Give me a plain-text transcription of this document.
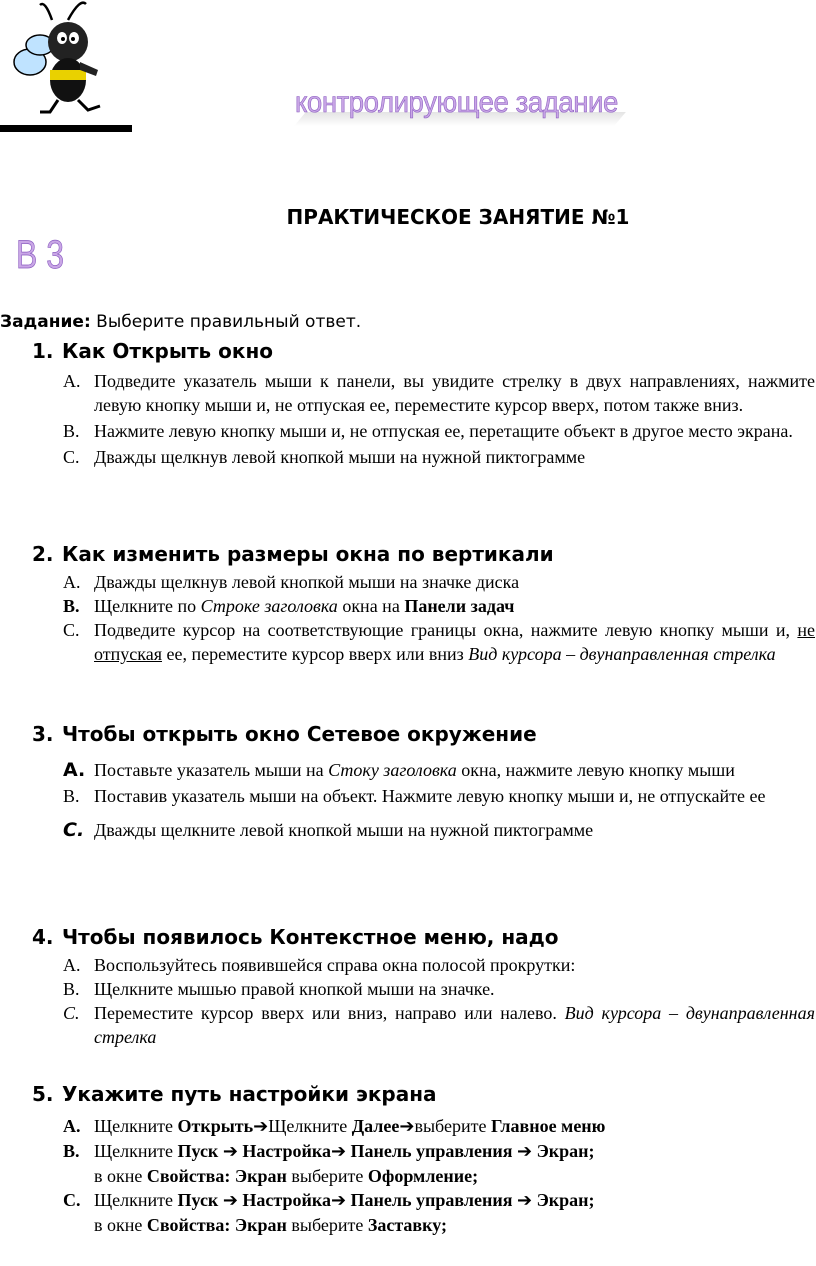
контролирующее задание
ПРАКТИЧЕСКОЕ ЗАНЯТИЕ №1
В 3
Задание: Выберите правильный ответ.
1. Как Открыть окно
A. Подведите указатель мыши к панели, вы увидите стрелку в двух направлениях, нажмите левую кнопку мыши и, не отпуская ее, переместите курсор вверх, потом также вниз.
B. Нажмите левую кнопку мыши и, не отпуская ее, перетащите объект в другое место экрана.
C. Дважды щелкнув левой кнопкой мыши на нужной пиктограмме
2. Как изменить размеры окна по вертикали
A. Дважды щелкнув левой кнопкой мыши на значке диска
B. Щелкните по Строке заголовка окна на Панели задач
C. Подведите курсор на соответствующие границы окна, нажмите левую кнопку мыши и, не отпуская ее, переместите курсор вверх или вниз Вид курсора – двунаправленная стрелка
3. Чтобы открыть окно Сетевое окружение
A. Поставьте указатель мыши на Стоку заголовка окна, нажмите левую кнопку мыши
B. Поставив указатель мыши на объект. Нажмите левую кнопку мыши и, не отпускайте ее
C. Дважды щелкните левой кнопкой мыши на нужной пиктограмме
4. Чтобы появилось Контекстное меню, надо
A. Воспользуйтесь появившейся справа окна полосой прокрутки:
B. Щелкните мышью правой кнопкой мыши на значке.
C. Переместите курсор вверх или вниз, направо или налево. Вид курсора – двунаправленная стрелка
5. Укажите путь настройки экрана
A. Щелкните Открыть➔Щелкните Далее➔выберите Главное меню
B. Щелкните Пуск ➔ Настройка➔ Панель управления ➔ Экран;
в окне Свойства: Экран выберите Оформление;
C. Щелкните Пуск ➔ Настройка➔ Панель управления ➔ Экран;
в окне Свойства: Экран выберите Заставку;
